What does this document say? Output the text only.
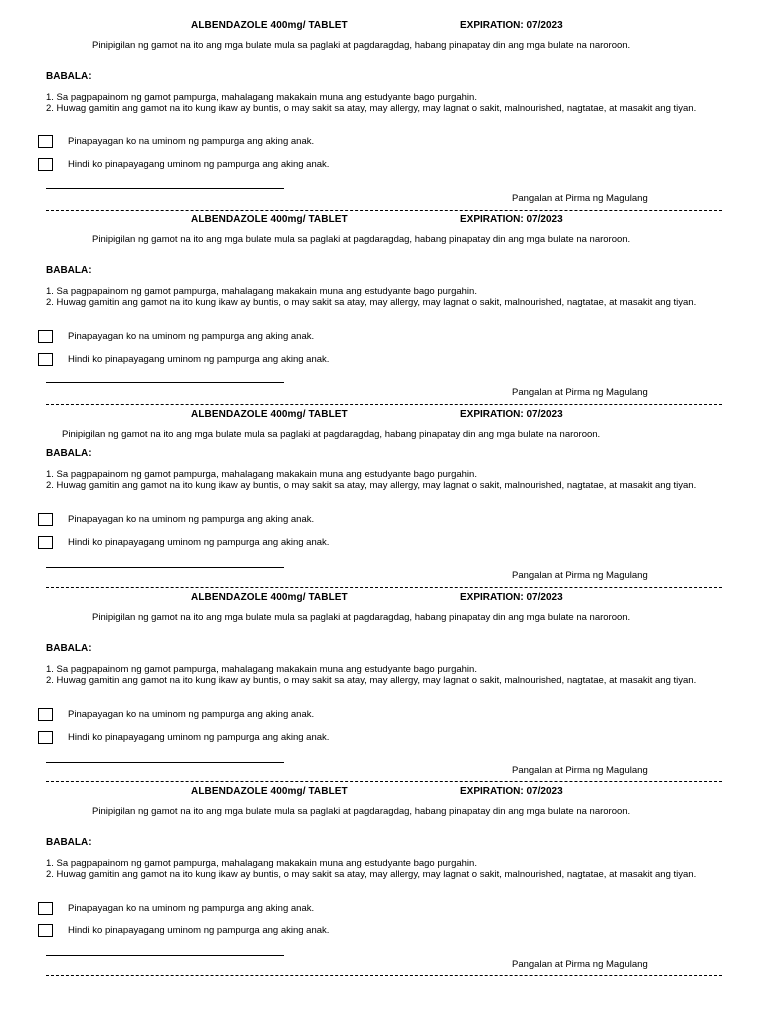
ALBENDAZOLE 400mg/ TABLET	EXPIRATION: 07/2023
Pinipigilan ng gamot na ito ang mga bulate mula sa paglaki at pagdaragdag, habang pinapatay din ang mga bulate na naroroon.
BABALA:
1. Sa pagpapainom ng gamot pampurga, mahalagang makakain muna ang estudyante bago purgahin.
2. Huwag gamitin ang gamot na ito kung ikaw ay buntis, o may sakit sa atay, may allergy, may lagnat o sakit, malnourished, nagtatae, at masakit ang tiyan.
Pinapayagan ko na uminom ng pampurga ang aking anak.
Hindi ko pinapayagang uminom ng pampurga ang aking anak.
Pangalan at Pirma ng Magulang
ALBENDAZOLE 400mg/ TABLET	EXPIRATION: 07/2023
Pinipigilan ng gamot na ito ang mga bulate mula sa paglaki at pagdaragdag, habang pinapatay din ang mga bulate na naroroon.
BABALA:
1. Sa pagpapainom ng gamot pampurga, mahalagang makakain muna ang estudyante bago purgahin.
2. Huwag gamitin ang gamot na ito kung ikaw ay buntis, o may sakit sa atay, may allergy, may lagnat o sakit, malnourished, nagtatae, at masakit ang tiyan.
Pinapayagan ko na uminom ng pampurga ang aking anak.
Hindi ko pinapayagang uminom ng pampurga ang aking anak.
Pangalan at Pirma ng Magulang
ALBENDAZOLE 400mg/ TABLET	EXPIRATION: 07/2023
Pinipigilan ng gamot na ito ang mga bulate mula sa paglaki at pagdaragdag, habang pinapatay din ang mga bulate na naroroon.
BABALA:
1. Sa pagpapainom ng gamot pampurga, mahalagang makakain muna ang estudyante bago purgahin.
2. Huwag gamitin ang gamot na ito kung ikaw ay buntis, o may sakit sa atay, may allergy, may lagnat o sakit, malnourished, nagtatae, at masakit ang tiyan.
Pinapayagan ko na uminom ng pampurga ang aking anak.
Hindi ko pinapayagang uminom ng pampurga ang aking anak.
Pangalan at Pirma ng Magulang
ALBENDAZOLE 400mg/ TABLET	EXPIRATION: 07/2023
Pinipigilan ng gamot na ito ang mga bulate mula sa paglaki at pagdaragdag, habang pinapatay din ang mga bulate na naroroon.
BABALA:
1. Sa pagpapainom ng gamot pampurga, mahalagang makakain muna ang estudyante bago purgahin.
2. Huwag gamitin ang gamot na ito kung ikaw ay buntis, o may sakit sa atay, may allergy, may lagnat o sakit, malnourished, nagtatae, at masakit ang tiyan.
Pinapayagan ko na uminom ng pampurga ang aking anak.
Hindi ko pinapayagang uminom ng pampurga ang aking anak.
Pangalan at Pirma ng Magulang
ALBENDAZOLE 400mg/ TABLET	EXPIRATION: 07/2023
Pinipigilan ng gamot na ito ang mga bulate mula sa paglaki at pagdaragdag, habang pinapatay din ang mga bulate na naroroon.
BABALA:
1. Sa pagpapainom ng gamot pampurga, mahalagang makakain muna ang estudyante bago purgahin.
2. Huwag gamitin ang gamot na ito kung ikaw ay buntis, o may sakit sa atay, may allergy, may lagnat o sakit, malnourished, nagtatae, at masakit ang tiyan.
Pinapayagan ko na uminom ng pampurga ang aking anak.
Hindi ko pinapayagang uminom ng pampurga ang aking anak.
Pangalan at Pirma ng Magulang
